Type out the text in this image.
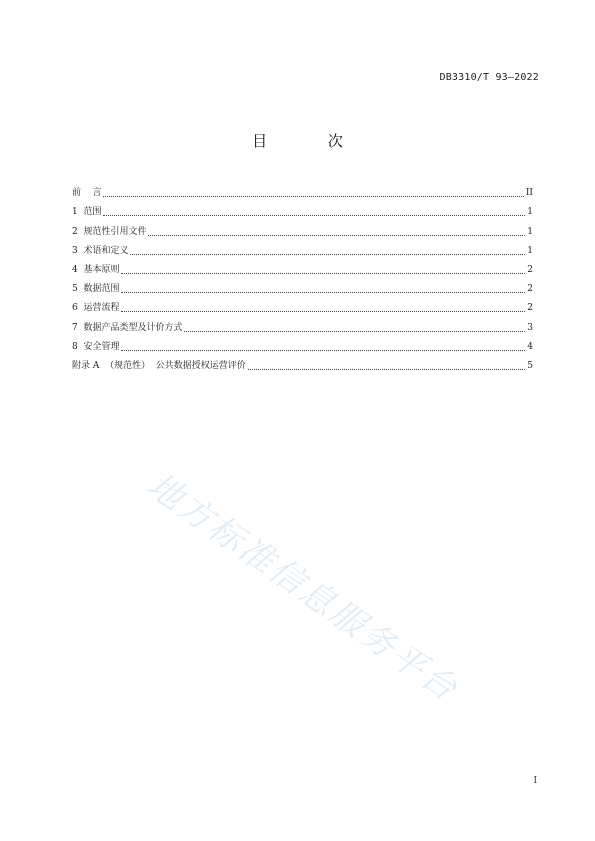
DB3310/T 93—2022
目 次
前    言	II
1  范围	1
2  规范性引用文件	1
3  术语和定义	1
4  基本原则	2
5  数据范围	2
6  运营流程	2
7  数据产品类型及计价方式	3
8  安全管理	4
附录 A  （规范性）  公共数据授权运营评价	5
地方标准信息服务平台
I
